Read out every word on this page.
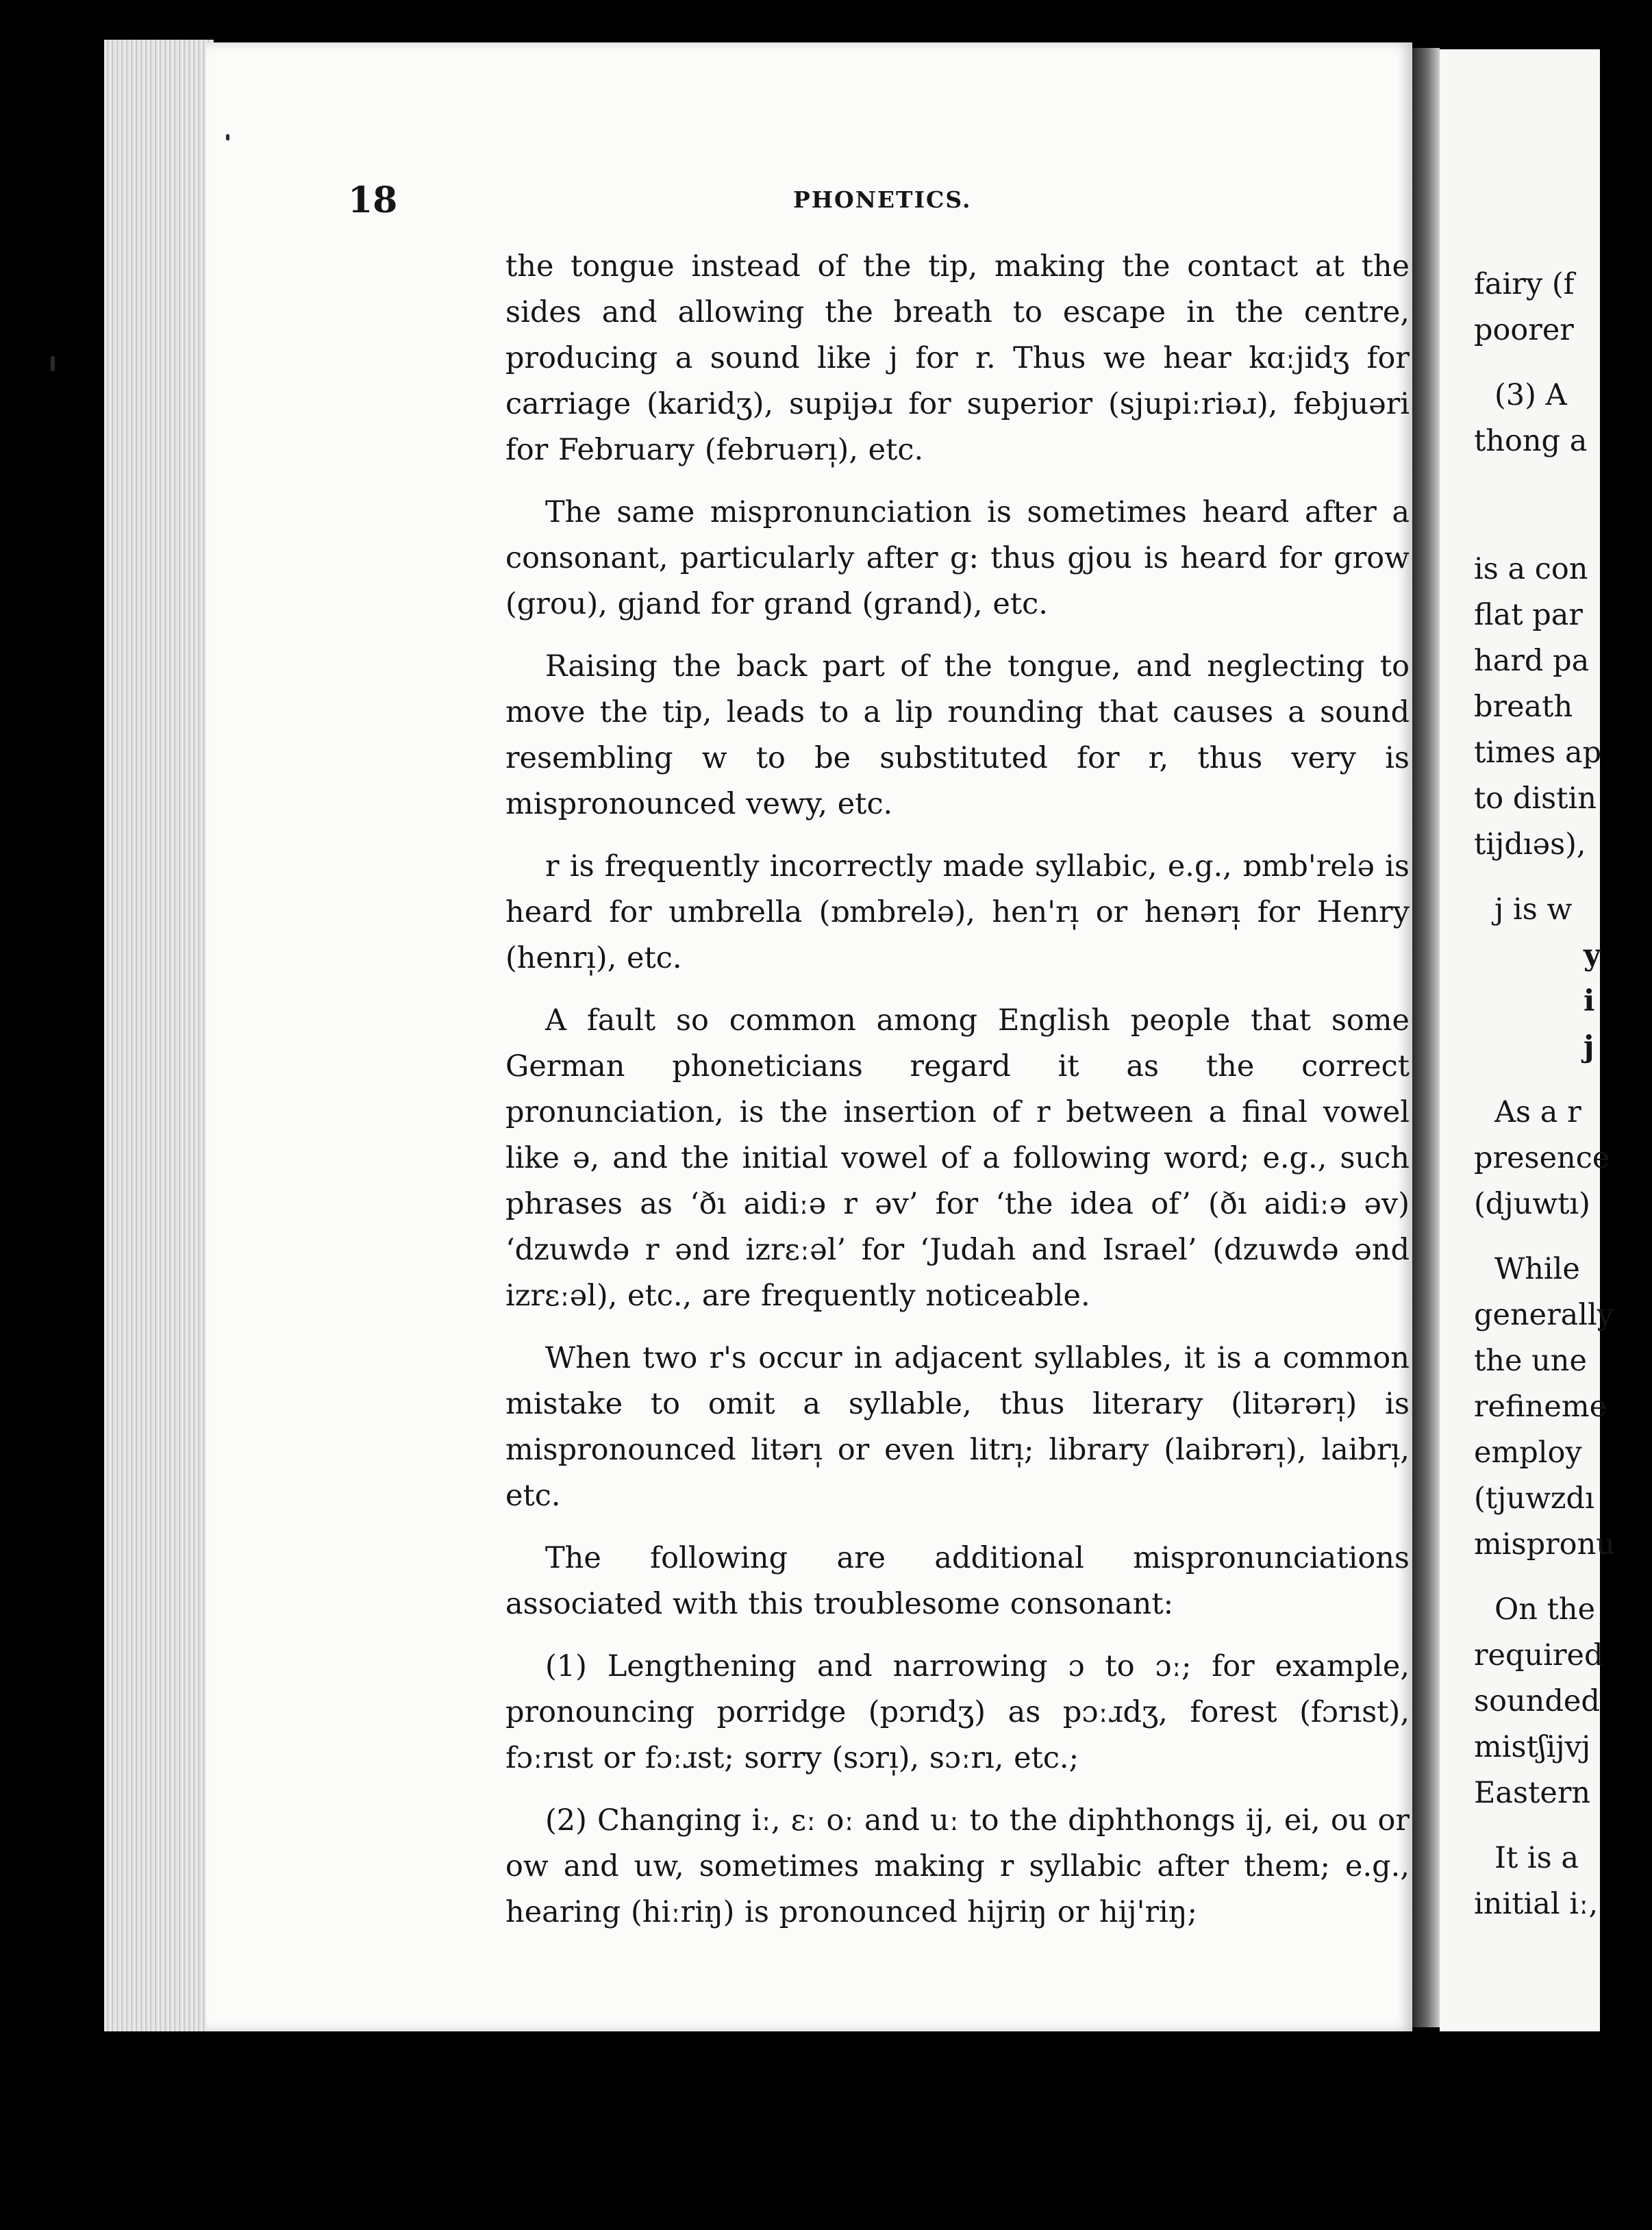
fairy (f
poorer
(3) A
thong a
is a con
flat par
hard pa
breath
times ap
to distin
tijdıəs),
j is w
y
i
j
As a r
presence
(djuwtı)
While
generally
the une
refineme
employ
(tjuwzdı
mispronu
On the
required
sounded
mistʃijvj
Eastern
It is a
initial iː,
18	PHONETICS.

the tongue instead of the tip, making the contact at the sides and allowing the breath to escape in the centre, producing a sound like j for r. Thus we hear kɑːjidʒ for carriage (karidʒ), supijəɹ for superior (sjupiːriəɹ), febjuəri for February (februərı̩), etc.

The same mispronunciation is sometimes heard after a consonant, particularly after g: thus gjou is heard for grow (grou), gjand for grand (grand), etc.

Raising the back part of the tongue, and neglecting to move the tip, leads to a lip rounding that causes a sound resembling w to be substituted for r, thus very is mispronounced vewy, etc.

r is frequently incorrectly made syllabic, e.g., ɒmb'relə is heard for umbrella (ɒmbrelə), hen'rı̩ or henərı̩ for Henry (henrı̩), etc.

A fault so common among English people that some German phoneticians regard it as the correct pronunciation, is the insertion of r between a final vowel like ə, and the initial vowel of a following word; e.g., such phrases as ‘ðı aidiːə r əv’ for ‘the idea of’ (ðı aidiːə əv) ‘dzuwdə r ənd izrɛːəl’ for ‘Judah and Israel’ (dzuwdə ənd izrɛːəl), etc., are frequently noticeable.

When two r's occur in adjacent syllables, it is a common mistake to omit a syllable, thus literary (litərərı̩) is mispronounced litərı̩ or even litrı̩; library (laibrərı̩), laibrı̩, etc.

The following are additional mispronunciations associated with this troublesome consonant:

(1) Lengthening and narrowing ɔ to ɔː; for example, pronouncing porridge (pɔrıdʒ) as pɔːɹdʒ, forest (fɔrıst), fɔːrıst or fɔːɹst; sorry (sɔrı̩), sɔːrı, etc.;

(2) Changing iː, ɛː oː and uː to the diphthongs ij, ei, ou or ow and uw, sometimes making r syllabic after them; e.g., hearing (hiːriŋ) is pronounced hijriŋ or hij'riŋ;
